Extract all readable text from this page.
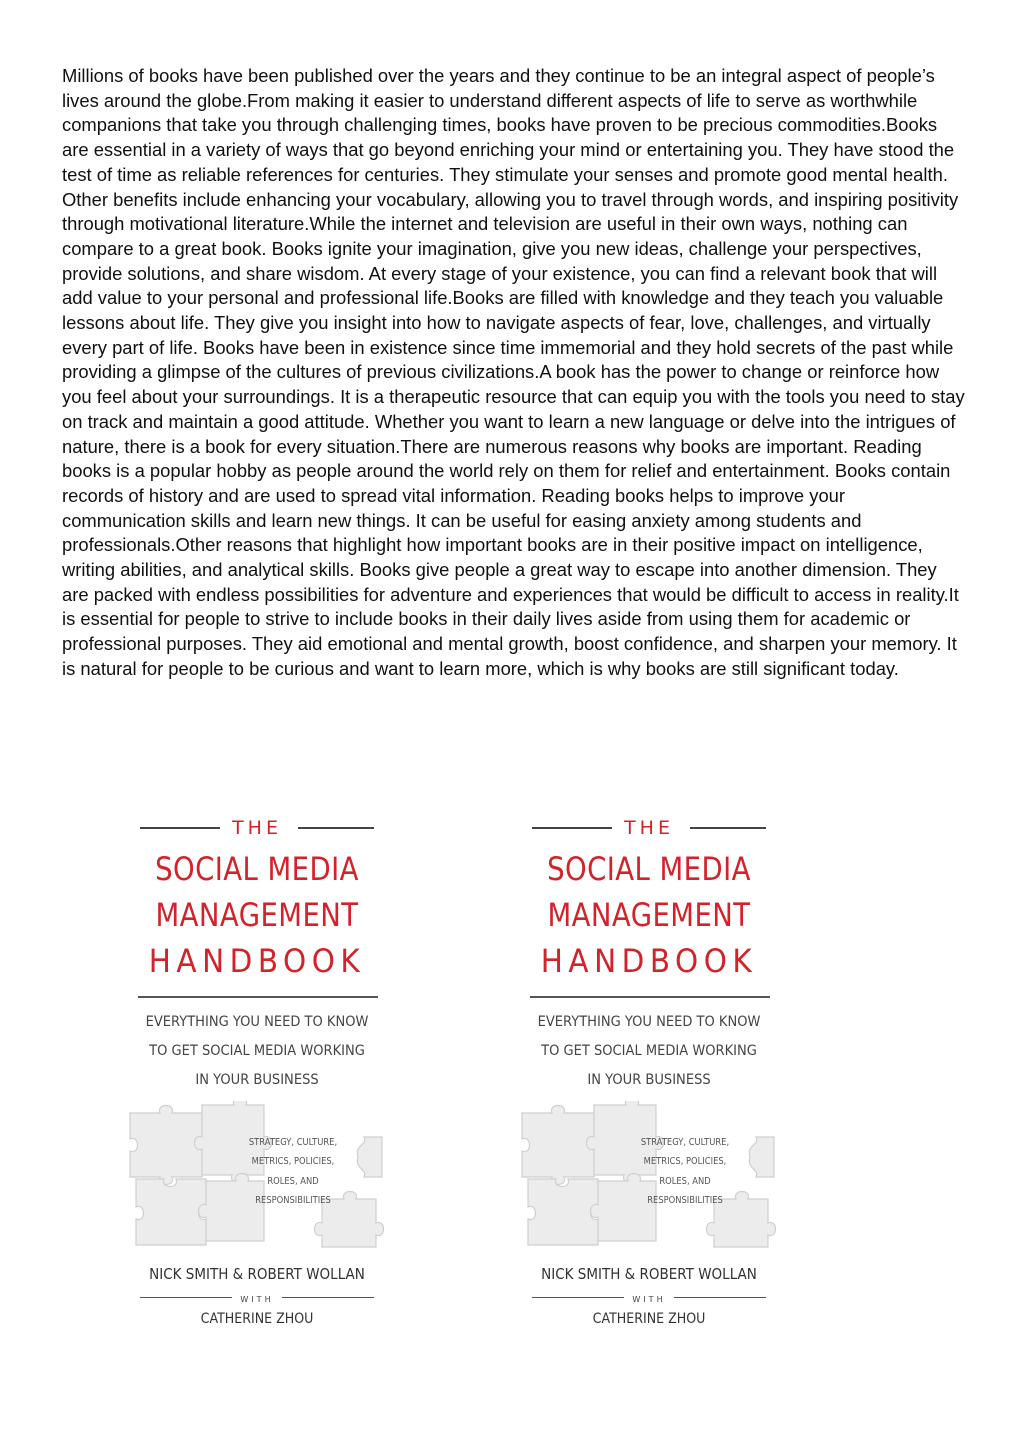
Millions of books have been published over the years and they continue to be an integral aspect of people’s lives around the globe.From making it easier to understand different aspects of life to serve as worthwhile companions that take you through challenging times, books have proven to be precious commodities.Books are essential in a variety of ways that go beyond enriching your mind or entertaining you. They have stood the test of time as reliable references for centuries. They stimulate your senses and promote good mental health. Other benefits include enhancing your vocabulary, allowing you to travel through words, and inspiring positivity through motivational literature.While the internet and television are useful in their own ways, nothing can compare to a great book. Books ignite your imagination, give you new ideas, challenge your perspectives, provide solutions, and share wisdom. At every stage of your existence, you can find a relevant book that will add value to your personal and professional life.Books are filled with knowledge and they teach you valuable lessons about life. They give you insight into how to navigate aspects of fear, love, challenges, and virtually every part of life. Books have been in existence since time immemorial and they hold secrets of the past while providing a glimpse of the cultures of previous civilizations.A book has the power to change or reinforce how you feel about your surroundings. It is a therapeutic resource that can equip you with the tools you need to stay on track and maintain a good attitude. Whether you want to learn a new language or delve into the intrigues of nature, there is a book for every situation.There are numerous reasons why books are important. Reading books is a popular hobby as people around the world rely on them for relief and entertainment. Books contain records of history and are used to spread vital information. Reading books helps to improve your communication skills and learn new things. It can be useful for easing anxiety among students and professionals.Other reasons that highlight how important books are in their positive impact on intelligence, writing abilities, and analytical skills. Books give people a great way to escape into another dimension. They are packed with endless possibilities for adventure and experiences that would be difficult to access in reality.It is essential for people to strive to include books in their daily lives aside from using them for academic or professional purposes. They aid emotional and mental growth, boost confidence, and sharpen your memory. It is natural for people to be curious and want to learn more, which is why books are still significant today.

THE
SOCIAL MEDIA
MANAGEMENT
HANDBOOK
EVERYTHING YOU NEED TO KNOW
TO GET SOCIAL MEDIA WORKING
IN YOUR BUSINESS
STRATEGY, CULTURE,
METRICS, POLICIES,
ROLES, AND
RESPONSIBILITIES
NICK SMITH & ROBERT WOLLAN
WITH
CATHERINE ZHOU
THE
SOCIAL MEDIA
MANAGEMENT
HANDBOOK
EVERYTHING YOU NEED TO KNOW
TO GET SOCIAL MEDIA WORKING
IN YOUR BUSINESS
STRATEGY, CULTURE,
METRICS, POLICIES,
ROLES, AND
RESPONSIBILITIES
NICK SMITH & ROBERT WOLLAN
WITH
CATHERINE ZHOU
